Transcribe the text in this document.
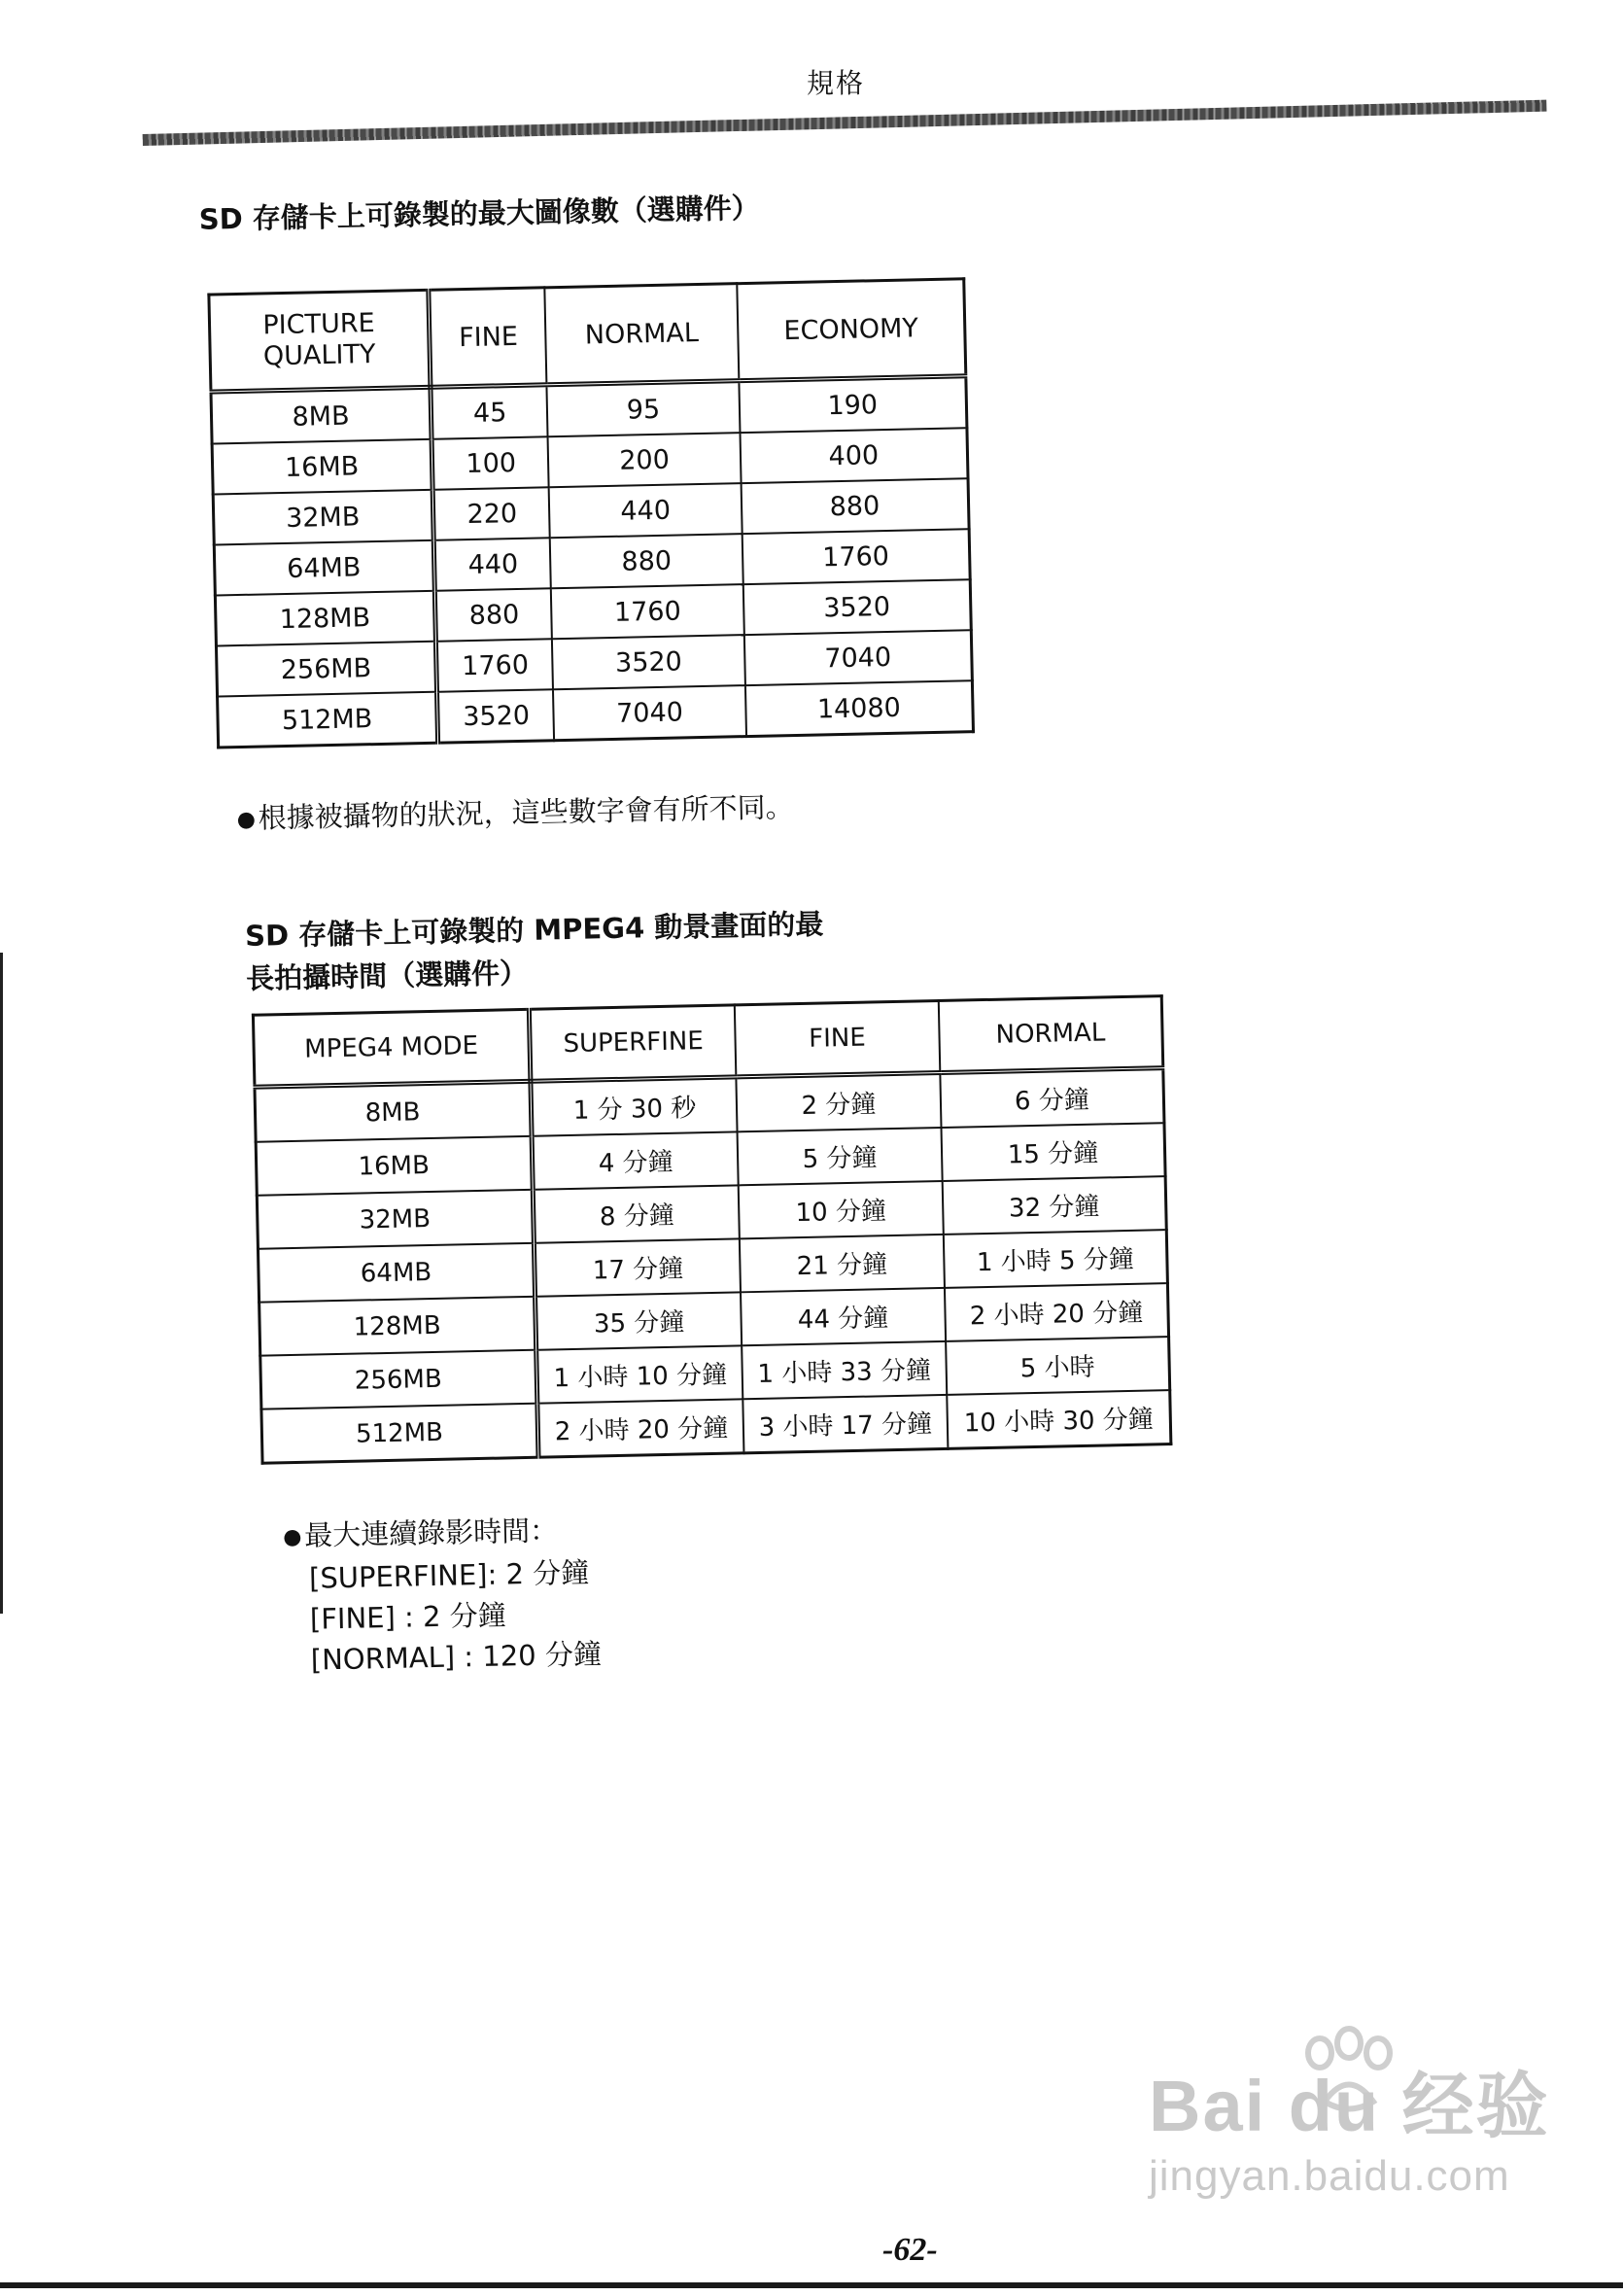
規格
SD 存儲卡上可錄製的最大圖像數（選購件）
PICTURE QUALITY	FINE	NORMAL	ECONOMY
8MB	45	95	190
16MB	100	200	400
32MB	220	440	880
64MB	440	880	1760
128MB	880	1760	3520
256MB	1760	3520	7040
512MB	3520	7040	14080
●根據被攝物的狀況，這些數字會有所不同。
SD 存儲卡上可錄製的 MPEG4 動景畫面的最長拍攝時間（選購件）
MPEG4 MODE	SUPERFINE	FINE	NORMAL
8MB	1 分 30 秒	2 分鐘	6 分鐘
16MB	4 分鐘	5 分鐘	15 分鐘
32MB	8 分鐘	10 分鐘	32 分鐘
64MB	17 分鐘	21 分鐘	1 小時 5 分鐘
128MB	35 分鐘	44 分鐘	2 小時 20 分鐘
256MB	1 小時 10 分鐘	1 小時 33 分鐘	5 小時
512MB	2 小時 20 分鐘	3 小時 17 分鐘	10 小時 30 分鐘
●最大連續錄影時間：
[SUPERFINE]: 2 分鐘
[FINE] : 2 分鐘
[NORMAL] : 120 分鐘
Bai du 经验
jingyan.baidu.com
-62-
